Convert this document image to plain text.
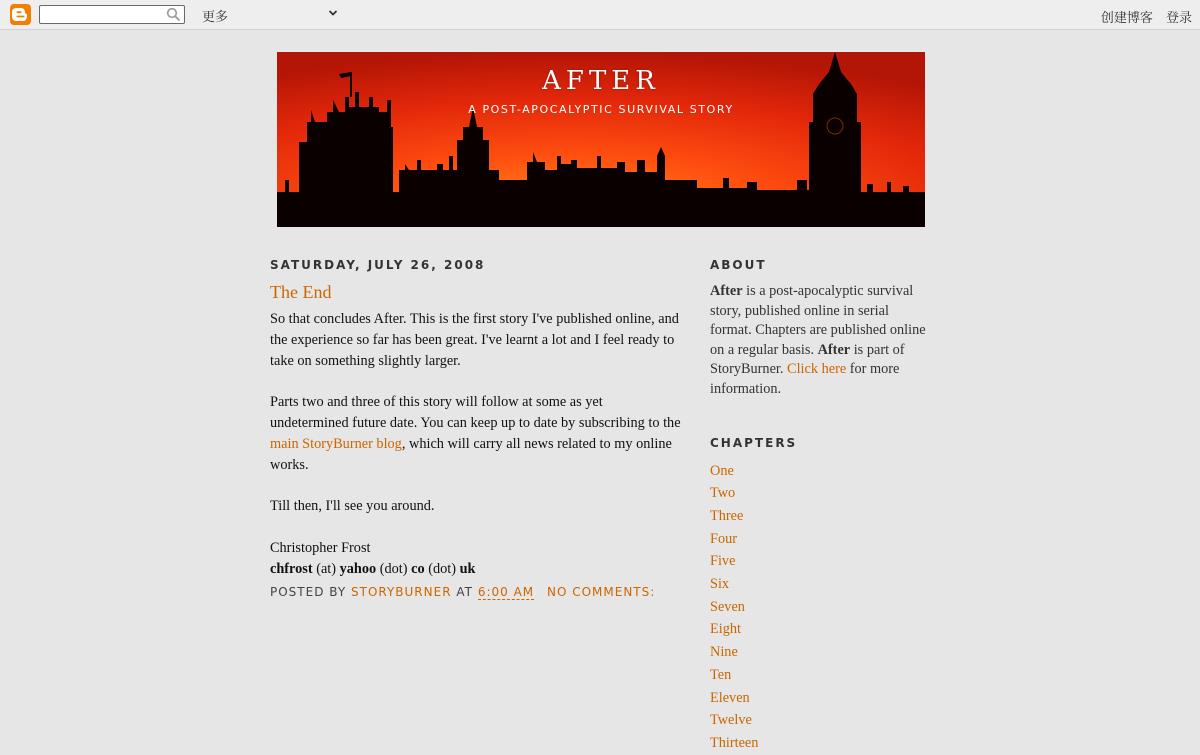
更多	创建博客 登录
AFTER
A POST-APOCALYPTIC SURVIVAL STORY
SATURDAY, JULY 26, 2008
The End

So that concludes After. This is the first story I've published online, and the experience so far has been great. I've learnt a lot and I feel ready to take on something slightly larger.

Parts two and three of this story will follow at some as yet undetermined future date. You can keep up to date by subscribing to the main StoryBurner blog, which will carry all news related to my online works.

Till then, I'll see you around.

Christopher Frost

chfrost (at) yahoo (dot) co (dot) uk

POSTED BY STORYBURNER AT 6:00 AM NO COMMENTS:
ABOUT
After is a post-apocalyptic survival story, published online in serial format. Chapters are published online on a regular basis. After is part of StoryBurner. Click here for more information.
CHAPTERS
One
Two
Three
Four
Five
Six
Seven
Eight
Nine
Ten
Eleven
Twelve
Thirteen
